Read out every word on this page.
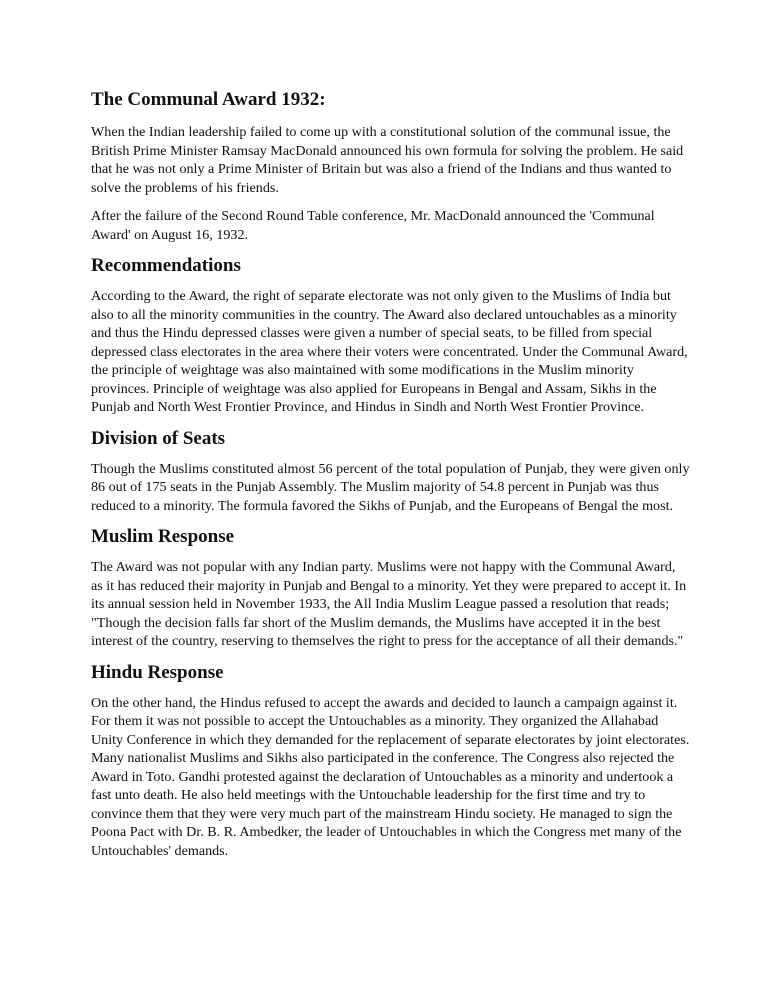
The Communal Award 1932:

When the Indian leadership failed to come up with a constitutional solution of the communal issue, the
British Prime Minister Ramsay MacDonald announced his own formula for solving the problem. He said
that he was not only a Prime Minister of Britain but was also a friend of the Indians and thus wanted to
solve the problems of his friends.

After the failure of the Second Round Table conference, Mr. MacDonald announced the 'Communal
Award' on August 16, 1932.

Recommendations

According to the Award, the right of separate electorate was not only given to the Muslims of India but
also to all the minority communities in the country. The Award also declared untouchables as a minority
and thus the Hindu depressed classes were given a number of special seats, to be filled from special
depressed class electorates in the area where their voters were concentrated. Under the Communal Award,
the principle of weightage was also maintained with some modifications in the Muslim minority
provinces. Principle of weightage was also applied for Europeans in Bengal and Assam, Sikhs in the
Punjab and North West Frontier Province, and Hindus in Sindh and North West Frontier Province.

Division of Seats

Though the Muslims constituted almost 56 percent of the total population of Punjab, they were given only
86 out of 175 seats in the Punjab Assembly. The Muslim majority of 54.8 percent in Punjab was thus
reduced to a minority. The formula favored the Sikhs of Punjab, and the Europeans of Bengal the most.

Muslim Response

The Award was not popular with any Indian party. Muslims were not happy with the Communal Award,
as it has reduced their majority in Punjab and Bengal to a minority. Yet they were prepared to accept it. In
its annual session held in November 1933, the All India Muslim League passed a resolution that reads;
"Though the decision falls far short of the Muslim demands, the Muslims have accepted it in the best
interest of the country, reserving to themselves the right to press for the acceptance of all their demands."

Hindu Response

On the other hand, the Hindus refused to accept the awards and decided to launch a campaign against it.
For them it was not possible to accept the Untouchables as a minority. They organized the Allahabad
Unity Conference in which they demanded for the replacement of separate electorates by joint electorates.
Many nationalist Muslims and Sikhs also participated in the conference. The Congress also rejected the
Award in Toto. Gandhi protested against the declaration of Untouchables as a minority and undertook a
fast unto death. He also held meetings with the Untouchable leadership for the first time and try to
convince them that they were very much part of the mainstream Hindu society. He managed to sign the
Poona Pact with Dr. B. R. Ambedker, the leader of Untouchables in which the Congress met many of the
Untouchables' demands.
